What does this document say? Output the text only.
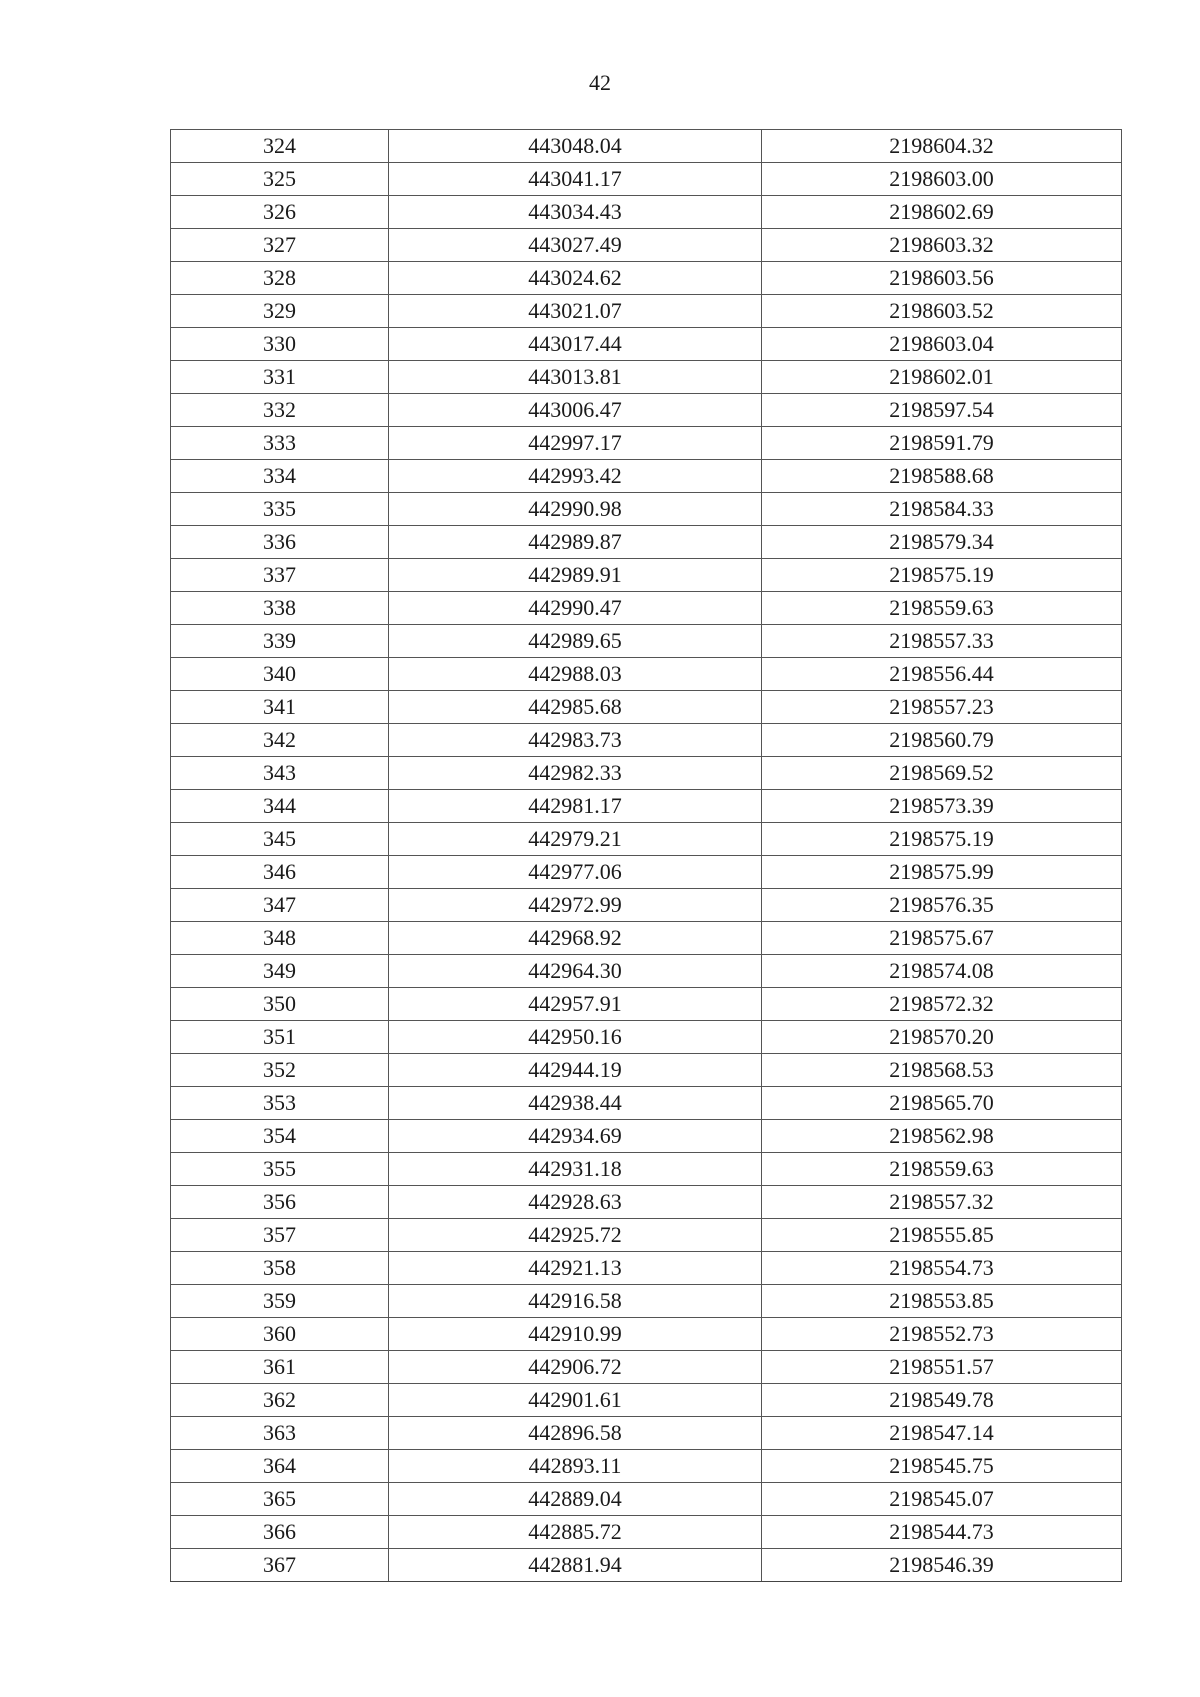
42
324	443048.04	2198604.32
325	443041.17	2198603.00
326	443034.43	2198602.69
327	443027.49	2198603.32
328	443024.62	2198603.56
329	443021.07	2198603.52
330	443017.44	2198603.04
331	443013.81	2198602.01
332	443006.47	2198597.54
333	442997.17	2198591.79
334	442993.42	2198588.68
335	442990.98	2198584.33
336	442989.87	2198579.34
337	442989.91	2198575.19
338	442990.47	2198559.63
339	442989.65	2198557.33
340	442988.03	2198556.44
341	442985.68	2198557.23
342	442983.73	2198560.79
343	442982.33	2198569.52
344	442981.17	2198573.39
345	442979.21	2198575.19
346	442977.06	2198575.99
347	442972.99	2198576.35
348	442968.92	2198575.67
349	442964.30	2198574.08
350	442957.91	2198572.32
351	442950.16	2198570.20
352	442944.19	2198568.53
353	442938.44	2198565.70
354	442934.69	2198562.98
355	442931.18	2198559.63
356	442928.63	2198557.32
357	442925.72	2198555.85
358	442921.13	2198554.73
359	442916.58	2198553.85
360	442910.99	2198552.73
361	442906.72	2198551.57
362	442901.61	2198549.78
363	442896.58	2198547.14
364	442893.11	2198545.75
365	442889.04	2198545.07
366	442885.72	2198544.73
367	442881.94	2198546.39
